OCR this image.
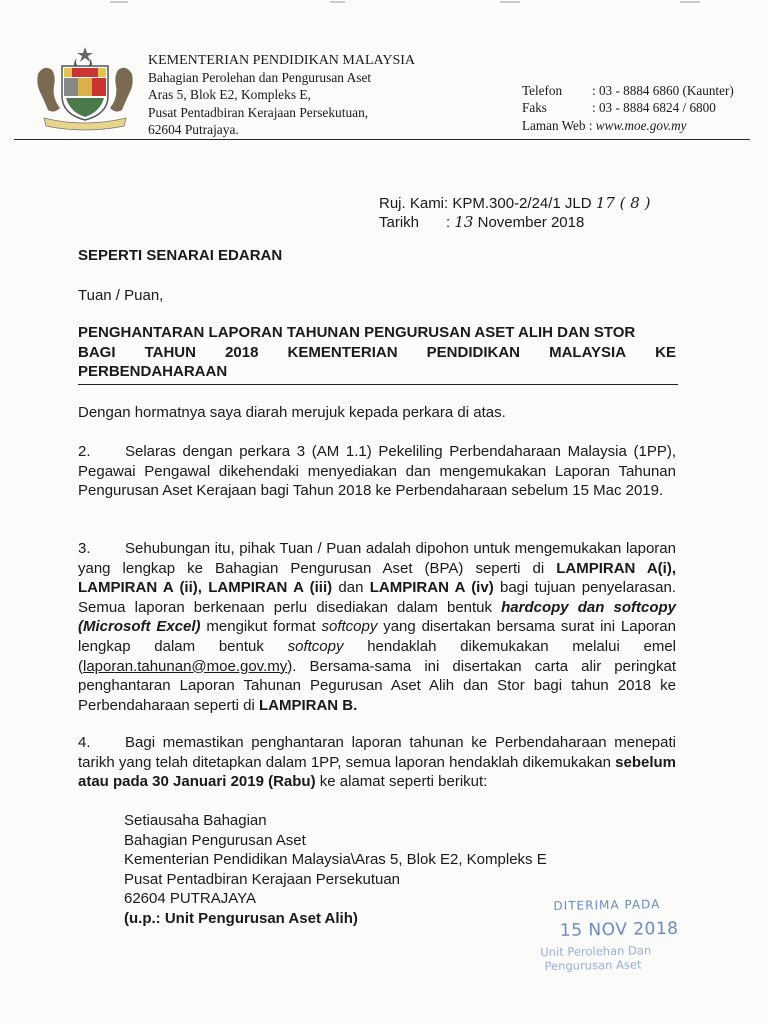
KEMENTERIAN PENDIDIKAN MALAYSIA
Bahagian Perolehan dan Pengurusan Aset
Aras 5, Blok E2, Kompleks E,
Pusat Pentadbiran Kerajaan Persekutuan,
62604 Putrajaya.
Telefon : 03 - 8884 6860 (Kaunter)
Faks	: 03 - 8884 6824 / 6800
Laman Web : www.moe.gov.my
Ruj. Kami: KPM.300-2/24/1 JLD 17 ( 8 )
Tarikh : 13 November 2018
SEPERTI SENARAI EDARAN
Tuan / Puan,
PENGHANTARAN LAPORAN TAHUNAN PENGURUSAN ASET ALIH DAN STOR
BAGI TAHUN 2018 KEMENTERIAN PENDIDIKAN MALAYSIA KE
PERBENDAHARAAN
Dengan hormatnya saya diarah merujuk kepada perkara di atas.
2. Selaras dengan perkara 3 (AM 1.1) Pekeliling Perbendaharaan Malaysia (1PP), Pegawai Pengawal dikehendaki menyediakan dan mengemukakan Laporan Tahunan Pengurusan Aset Kerajaan bagi Tahun 2018 ke Perbendaharaan sebelum 15 Mac 2019.
3. Sehubungan itu, pihak Tuan / Puan adalah dipohon untuk mengemukakan laporan yang lengkap ke Bahagian Pengurusan Aset (BPA) seperti di LAMPIRAN A(i), LAMPIRAN A (ii), LAMPIRAN A (iii) dan LAMPIRAN A (iv) bagi tujuan penyelarasan. Semua laporan berkenaan perlu disediakan dalam bentuk hardcopy dan softcopy (Microsoft Excel) mengikut format softcopy yang disertakan bersama surat ini Laporan lengkap dalam bentuk softcopy hendaklah dikemukakan melalui emel (laporan.tahunan@moe.gov.my). Bersama-sama ini disertakan carta alir peringkat penghantaran Laporan Tahunan Pegurusan Aset Alih dan Stor bagi tahun 2018 ke Perbendaharaan seperti di LAMPIRAN B.
4. Bagi memastikan penghantaran laporan tahunan ke Perbendaharaan menepati tarikh yang telah ditetapkan dalam 1PP, semua laporan hendaklah dikemukakan sebelum atau pada 30 Januari 2019 (Rabu) ke alamat seperti berikut:
Setiausaha Bahagian
Bahagian Pengurusan Aset
Kementerian Pendidikan Malaysia\Aras 5, Blok E2, Kompleks E
Pusat Pentadbiran Kerajaan Persekutuan
62604 PUTRAJAYA
(u.p.: Unit Pengurusan Aset Alih)
DITERIMA PADA
15 NOV 2018
Unit Perolehan Dan
Pengurusan Aset
